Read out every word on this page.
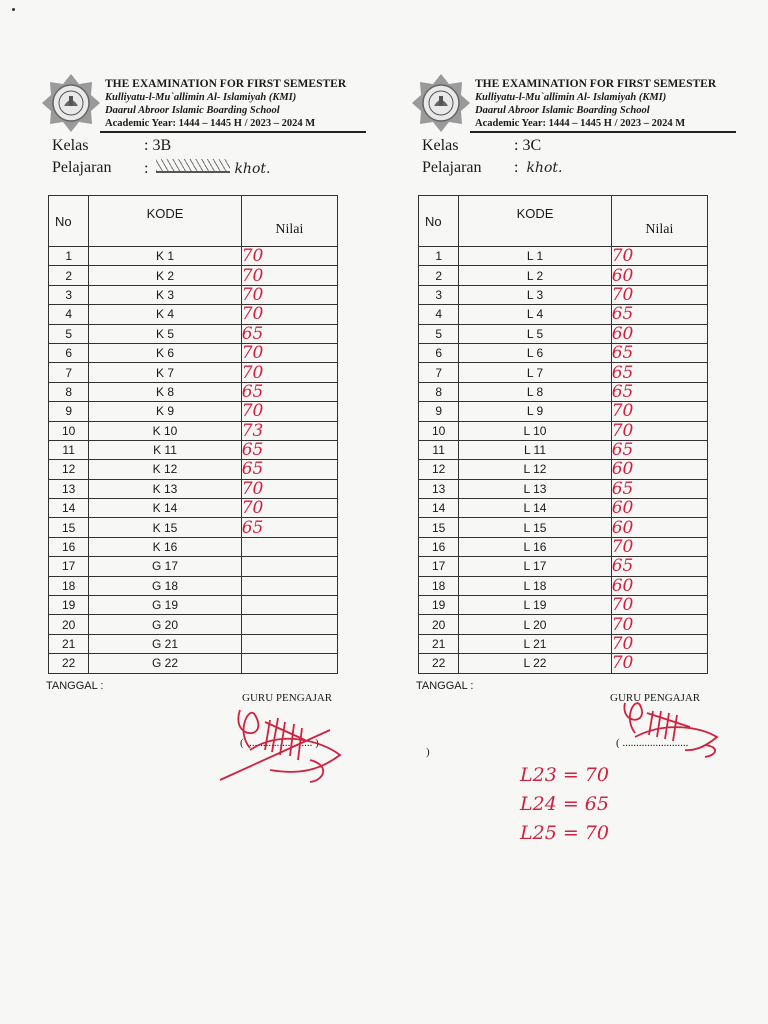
THE EXAMINATION FOR FIRST SEMESTER
Kulliyatu-l-Mu`allimin Al- Islamiyah (KMI)
Daarul Abroor Islamic Boarding School
Academic Year: 1444 – 1445 H / 2023 – 2024 M
Kelas	: 3B
Pelajaran :	khot.
No	KODE	Nilai
1	K 1	70
2	K 2	70
3	K 3	70
4	K 4	70
5	K 5	65
6	K 6	70
7	K 7	70
8	K 8	65
9	K 9	70
10	K 10	73
11	K 11	65
12	K 12	65
13	K 13	70
14	K 14	70
15	K 15	65
16	K 16	
17	G 17	
18	G 18	
19	G 19	
20	G 20	
21	G 21	
22	G 22	
TANGGAL :
GURU PENGAJAR
( ........................ )
THE EXAMINATION FOR FIRST SEMESTER
Kulliyatu-l-Mu`allimin Al- Islamiyah (KMI)
Daarul Abroor Islamic Boarding School
Academic Year: 1444 – 1445 H / 2023 – 2024 M
Kelas	: 3C
Pelajaran : khot.
No	KODE	Nilai
1	L 1	70
2	L 2	60
3	L 3	70
4	L 4	65
5	L 5	60
6	L 6	65
7	L 7	65
8	L 8	65
9	L 9	70
10	L 10	70
11	L 11	65
12	L 12	60
13	L 13	65
14	L 14	60
15	L 15	60
16	L 16	70
17	L 17	65
18	L 18	60
19	L 19	70
20	L 20	70
21	L 21	70
22	L 22	70
TANGGAL :
GURU PENGAJAR
( ........................
)
L23 = 70
L24 = 65
L25 = 70
